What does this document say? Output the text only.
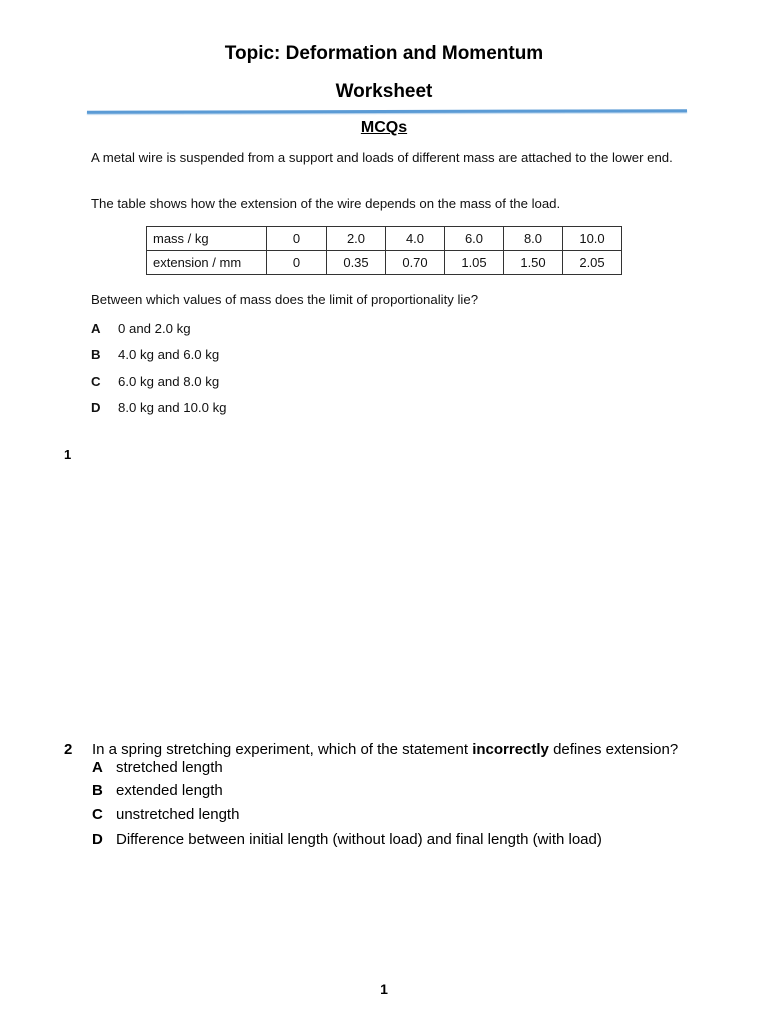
Topic: Deformation and Momentum
Worksheet
MCQs
A metal wire is suspended from a support and loads of different mass are attached to the lower end.
The table shows how the extension of the wire depends on the mass of the load.
mass / kg	0	2.0	4.0	6.0	8.0	10.0
extension / mm	0	0.35	0.70	1.05	1.50	2.05
Between which values of mass does the limit of proportionality lie?
A 0 and 2.0 kg
B 4.0 kg and 6.0 kg
C 6.0 kg and 8.0 kg
D 8.0 kg and 10.0 kg
1
2 In a spring stretching experiment, which of the statement incorrectly defines extension?
A stretched length
B extended length
C unstretched length
D Difference between initial length (without load) and final length (with load)
1
